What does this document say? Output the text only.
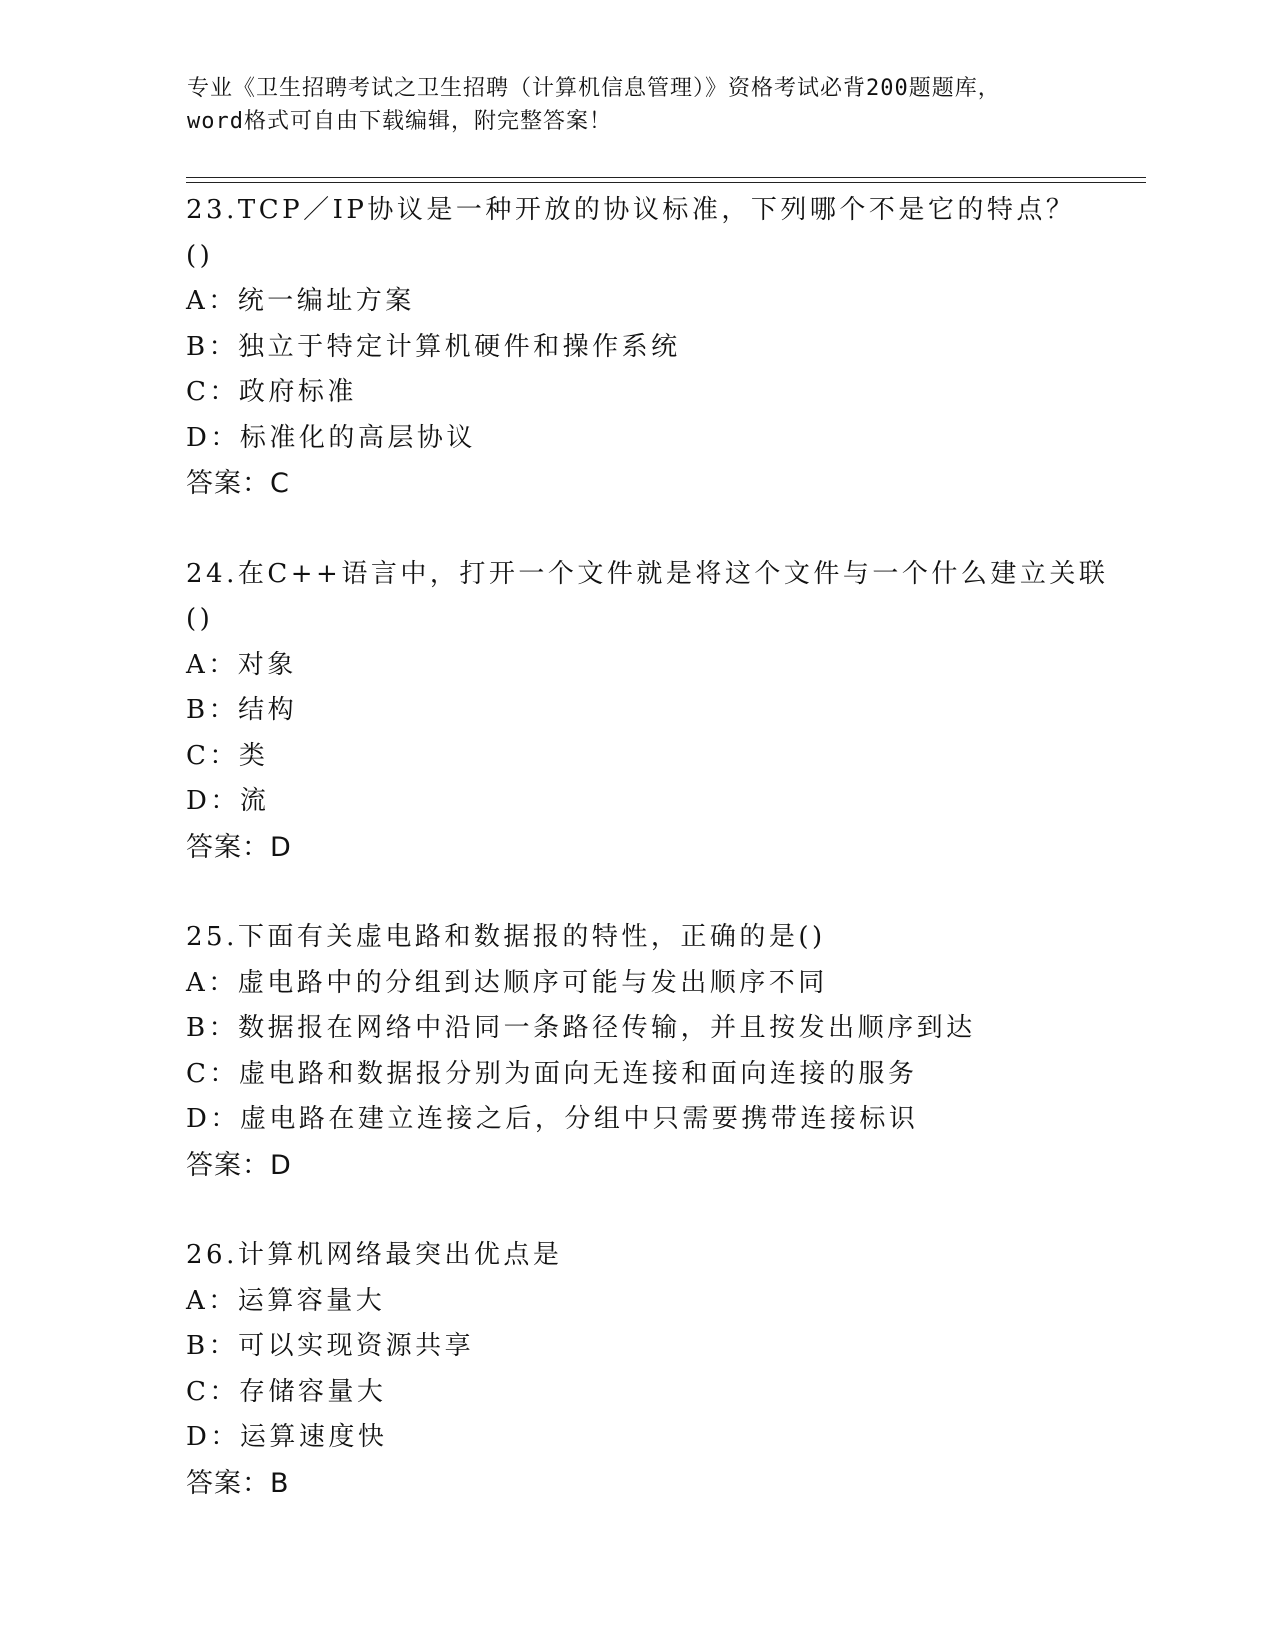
专业《卫生招聘考试之卫生招聘（计算机信息管理）》资格考试必背200题题库，
word格式可自由下载编辑，附完整答案！
23.TCP／IP协议是一种开放的协议标准，下列哪个不是它的特点？()
A：统一编址方案
B：独立于特定计算机硬件和操作系统
C：政府标准
D：标准化的高层协议
答案：C
24.在C++语言中，打开一个文件就是将这个文件与一个什么建立关联
()
A：对象
B：结构
C：类
D：流
答案：D
25.下面有关虚电路和数据报的特性，正确的是()
A：虚电路中的分组到达顺序可能与发出顺序不同
B：数据报在网络中沿同一条路径传输，并且按发出顺序到达
C：虚电路和数据报分别为面向无连接和面向连接的服务
D：虚电路在建立连接之后，分组中只需要携带连接标识
答案：D
26.计算机网络最突出优点是
A：运算容量大
B：可以实现资源共享
C：存储容量大
D：运算速度快
答案：B
